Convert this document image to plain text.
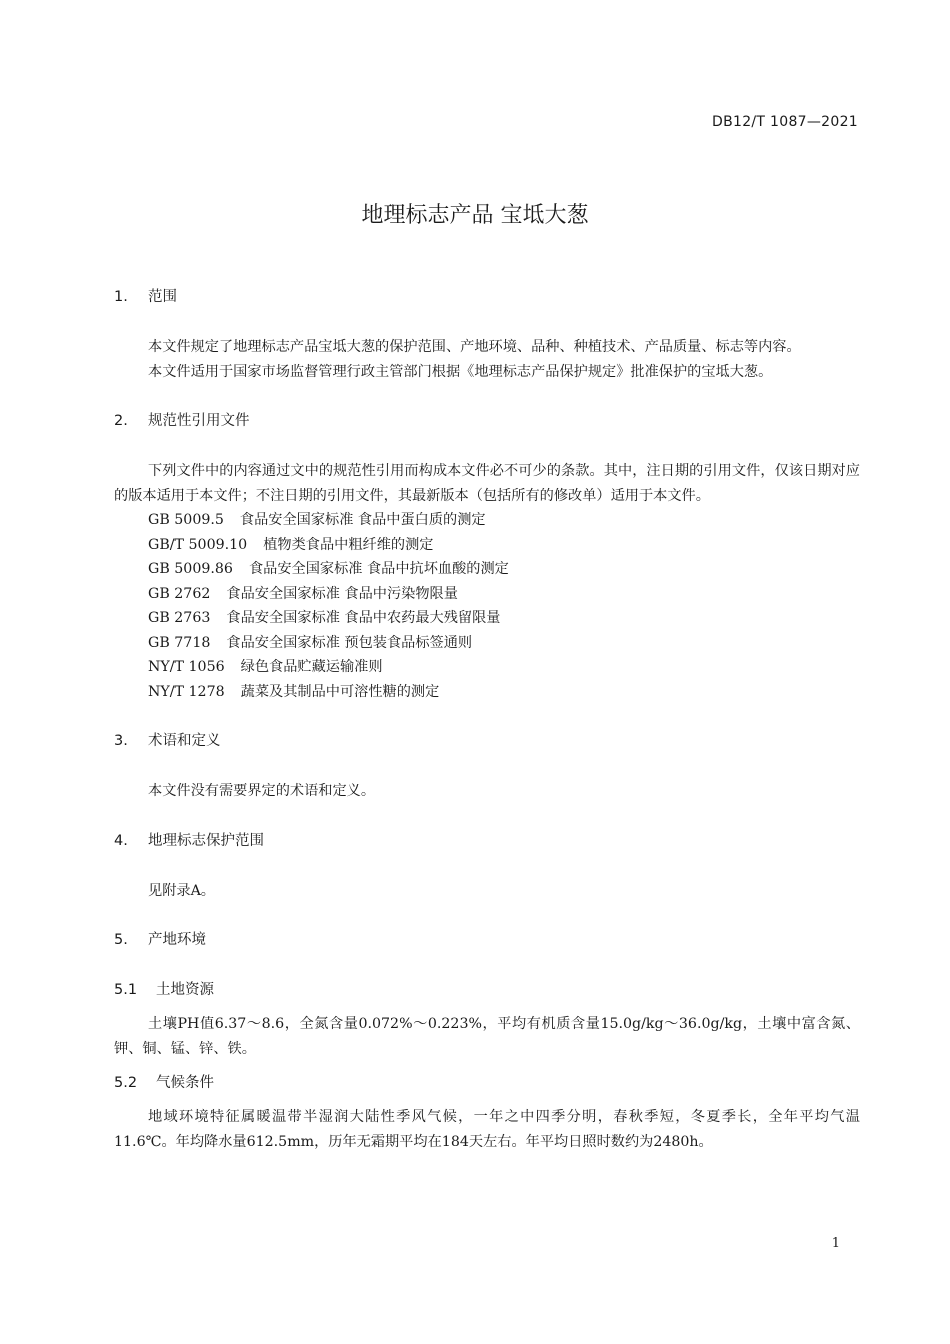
DB12/T 1087—2021
地理标志产品 宝坻大葱
1. 范围

本文件规定了地理标志产品宝坻大葱的保护范围、产地环境、品种、种植技术、产品质量、标志等内容。

本文件适用于国家市场监督管理行政主管部门根据《地理标志产品保护规定》批准保护的宝坻大葱。

2. 规范性引用文件

下列文件中的内容通过文中的规范性引用而构成本文件必不可少的条款。其中，注日期的引用文件，仅该日期对应的版本适用于本文件；不注日期的引用文件，其最新版本（包括所有的修改单）适用于本文件。

GB 5009.5 食品安全国家标准 食品中蛋白质的测定
GB/T 5009.10 植物类食品中粗纤维的测定
GB 5009.86 食品安全国家标准 食品中抗坏血酸的测定
GB 2762 食品安全国家标准 食品中污染物限量
GB 2763 食品安全国家标准 食品中农药最大残留限量
GB 7718 食品安全国家标准 预包装食品标签通则
NY/T 1056 绿色食品贮藏运输准则
NY/T 1278 蔬菜及其制品中可溶性糖的测定
3. 术语和定义

本文件没有需要界定的术语和定义。

4. 地理标志保护范围

见附录A。

5. 产地环境
5.1 土地资源

土壤PH值6.37～8.6，全氮含量0.072%～0.223%，平均有机质含量15.0g/kg～36.0g/kg，土壤中富含氮、钾、铜、锰、锌、铁。

5.2 气候条件

地域环境特征属暖温带半湿润大陆性季风气候，一年之中四季分明，春秋季短，冬夏季长，全年平均气温11.6℃。年均降水量612.5mm，历年无霜期平均在184天左右。年平均日照时数约为2480h。

1
